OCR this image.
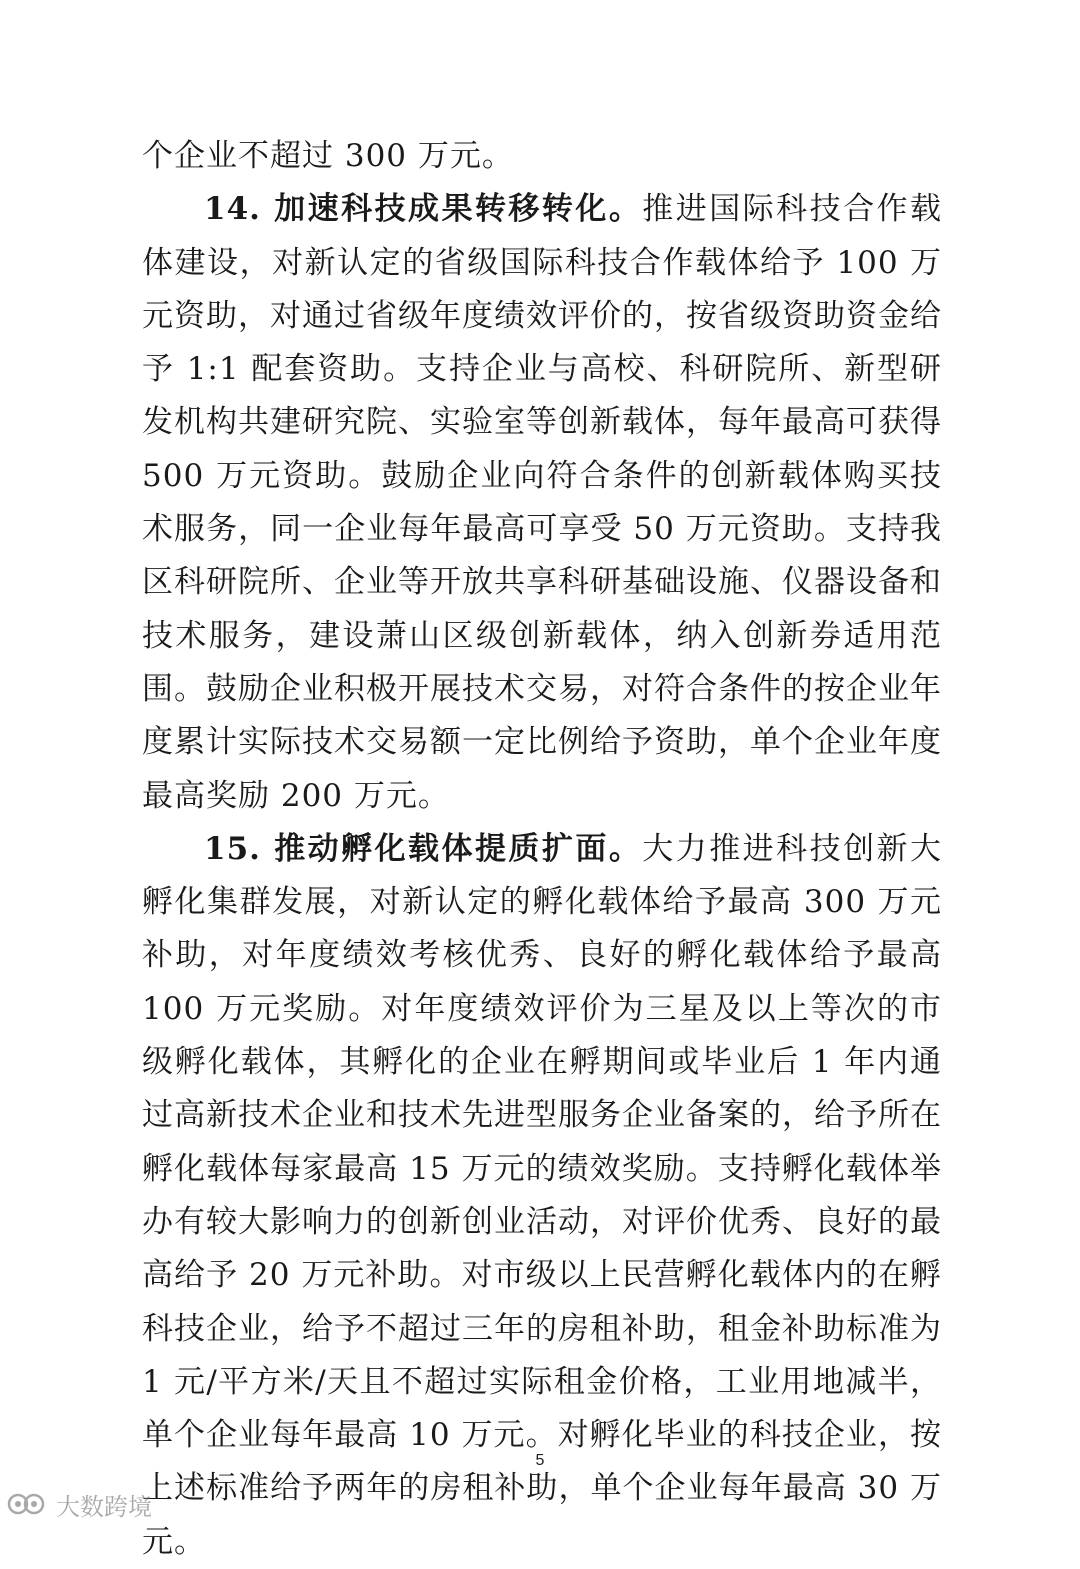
个企业不超过 300 万元。

14. 加速科技成果转移转化。推进国际科技合作载体建设，对新认定的省级国际科技合作载体给予 100 万元资助，对通过省级年度绩效评价的，按省级资助资金给予 1:1 配套资助。支持企业与高校、科研院所、新型研发机构共建研究院、实验室等创新载体，每年最高可获得 500 万元资助。鼓励企业向符合条件的创新载体购买技术服务，同一企业每年最高可享受 50 万元资助。支持我区科研院所、企业等开放共享科研基础设施、仪器设备和技术服务，建设萧山区级创新载体，纳入创新券适用范围。鼓励企业积极开展技术交易，对符合条件的按企业年度累计实际技术交易额一定比例给予资助，单个企业年度最高奖励 200 万元。

15. 推动孵化载体提质扩面。大力推进科技创新大孵化集群发展，对新认定的孵化载体给予最高 300 万元补助，对年度绩效考核优秀、良好的孵化载体给予最高 100 万元奖励。对年度绩效评价为三星及以上等次的市级孵化载体，其孵化的企业在孵期间或毕业后 1 年内通过高新技术企业和技术先进型服务企业备案的，给予所在孵化载体每家最高 15 万元的绩效奖励。支持孵化载体举办有较大影响力的创新创业活动，对评价优秀、良好的最高给予 20 万元补助。对市级以上民营孵化载体内的在孵科技企业，给予不超过三年的房租补助，租金补助标准为 1 元/平方米/天且不超过实际租金价格，工业用地减半，单个企业每年最高 10 万元。对孵化毕业的科技企业，按上述标准给予两年的房租补助，单个企业每年最高 30 万元。

5
大数跨境
